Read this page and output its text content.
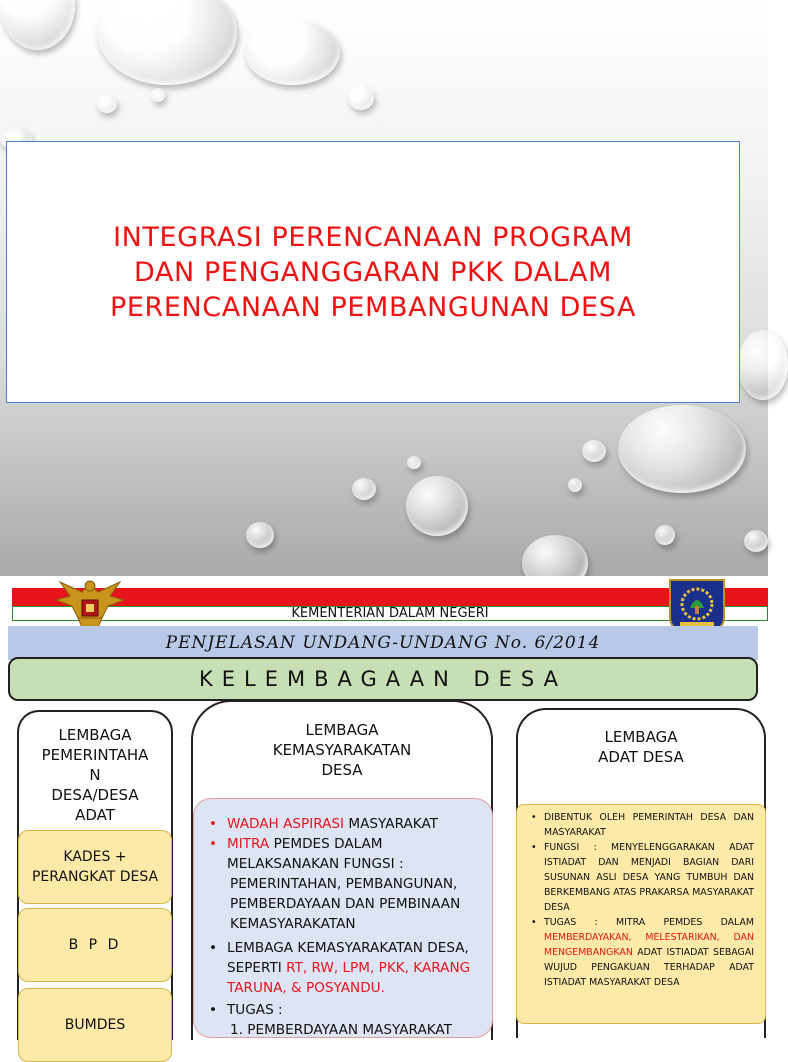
INTEGRASI PERENCANAAN PROGRAM
DAN PENGANGGARAN PKK DALAM
PERENCANAAN PEMBANGUNAN DESA
KEMENTERIAN DALAM NEGERI
PENJELASAN UNDANG-UNDANG No. 6/2014
KELEMBAGAAN DESA
LEMBAGA
PEMERINTAHA
N
DESA/DESA
ADAT
KADES +
PERANGKAT DESA
B P D
BUMDES
LEMBAGA
KEMASYARAKATAN
DESA
• WADAH ASPIRASI MASYARAKAT
• MITRA PEMDES DALAM MELAKSANAKAN FUNGSI :
PEMERINTAHAN, PEMBANGUNAN, PEMBERDAYAAN DAN PEMBINAAN KEMASYARAKATAN
• LEMBAGA KEMASYARAKATAN DESA, SEPERTI RT, RW, LPM, PKK, KARANG TARUNA, & POSYANDU.
• TUGAS :
1. PEMBERDAYAAN MASYARAKAT
LEMBAGA
ADAT DESA
• DIBENTUK OLEH PEMERINTAH DESA DAN MASYARAKAT
• FUNGSI : MENYELENGGARAKAN ADAT ISTIADAT DAN MENJADI BAGIAN DARI SUSUNAN ASLI DESA YANG TUMBUH DAN BERKEMBANG ATAS PRAKARSA MASYARAKAT DESA
• TUGAS : MITRA PEMDES DALAM MEMBERDAYAKAN, MELESTARIKAN, DAN MENGEMBANGKAN ADAT ISTIADAT SEBAGAI WUJUD PENGAKUAN TERHADAP ADAT ISTIADAT MASYARAKAT DESA
